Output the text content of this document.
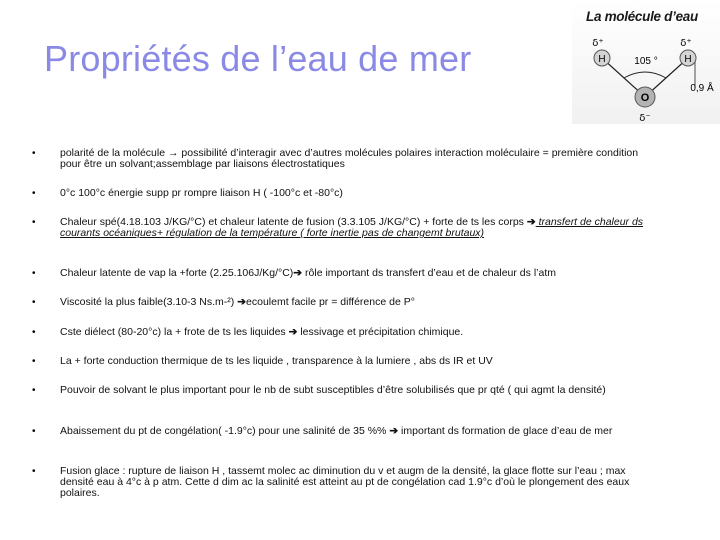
Propriétés de l’eau de mer
La molécule d’eau
H	H
O
δ⁺	δ⁺
δ⁻
105 °
0,9 Å
• polarité de la molécule → possibilité d’interagir avec d’autres molécules polaires interaction moléculaire = première condition pour être un solvant;assemblage par liaisons électrostatiques
• 0°c 100°c énergie supp pr rompre liaison H ( -100°c et -80°c)
• Chaleur spé(4.18.103 J/KG/°C) et chaleur latente de fusion (3.3.105 J/KG/°C) + forte de ts les corps ➔ transfert de chaleur ds courants océaniques+ régulation de la température ( forte inertie pas de changemt brutaux)
• Chaleur latente de vap la +forte (2.25.106J/Kg/°C)➔ rôle important ds transfert d’eau et de chaleur ds l’atm
• Viscosité la plus faible(3.10-3 Ns.m-²) ➔ecoulemt facile pr = différence de P°
• Cste diélect (80-20°c) la + frote de ts les liquides ➔ lessivage et précipitation chimique.
• La + forte conduction thermique de ts les liquide , transparence à la lumiere , abs ds IR et UV
• Pouvoir de solvant le plus important pour le nb de subt susceptibles d’être solubilisés que pr qté ( qui agmt la densité)
• Abaissement du pt de congélation( -1.9°c) pour une salinité de 35 %% ➔ important ds formation de glace d’eau de mer
• Fusion glace : rupture de liaison H , tassemt molec ac diminution du v et augm de la densité, la glace flotte sur l’eau ; max densité eau à 4°c à p atm. Cette d dim ac la salinité est atteint au pt de congélation cad 1.9°c d’où le plongement des eaux polaires.
